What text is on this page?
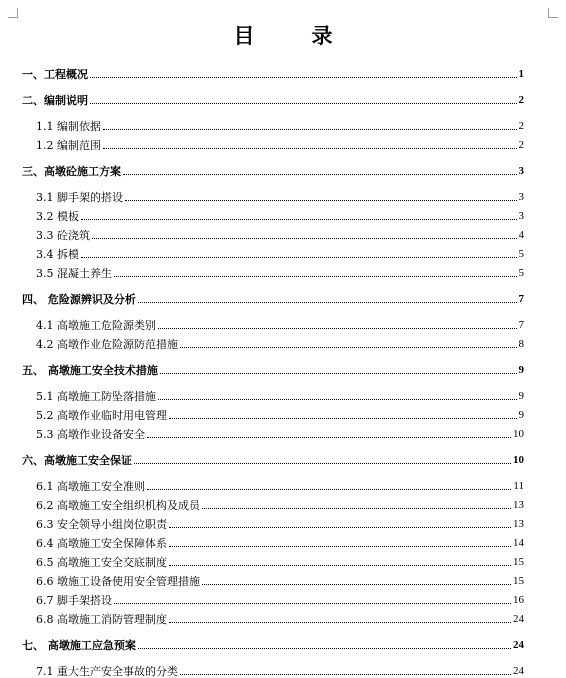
目　录
一、工程概况	1
二、编制说明	2
1.1 编制依据	2
1.2 编制范围	2
三、高墩砼施工方案	3
3.1 脚手架的搭设	3
3.2 模板	3
3.3 砼浇筑	4
3.4 拆模	5
3.5 混凝土养生	5
四、 危险源辨识及分析	7
4.1 高墩施工危险源类别	7
4.2 高墩作业危险源防范措施	8
五、 高墩施工安全技术措施	9
5.1 高墩施工防坠落措施	9
5.2 高墩作业临时用电管理	9
5.3 高墩作业设备安全	10
六、高墩施工安全保证	10
6.1 高墩施工安全准则	11
6.2 高墩施工安全组织机构及成员	13
6.3 安全领导小组岗位职责	13
6.4 高墩施工安全保障体系	14
6.5 高墩施工安全交底制度	15
6.6 墩施工设备使用安全管理措施	15
6.7 脚手架搭设	16
6.8 高墩施工消防管理制度	24
七、 高墩施工应急预案	24
7.1 重大生产安全事故的分类	24
